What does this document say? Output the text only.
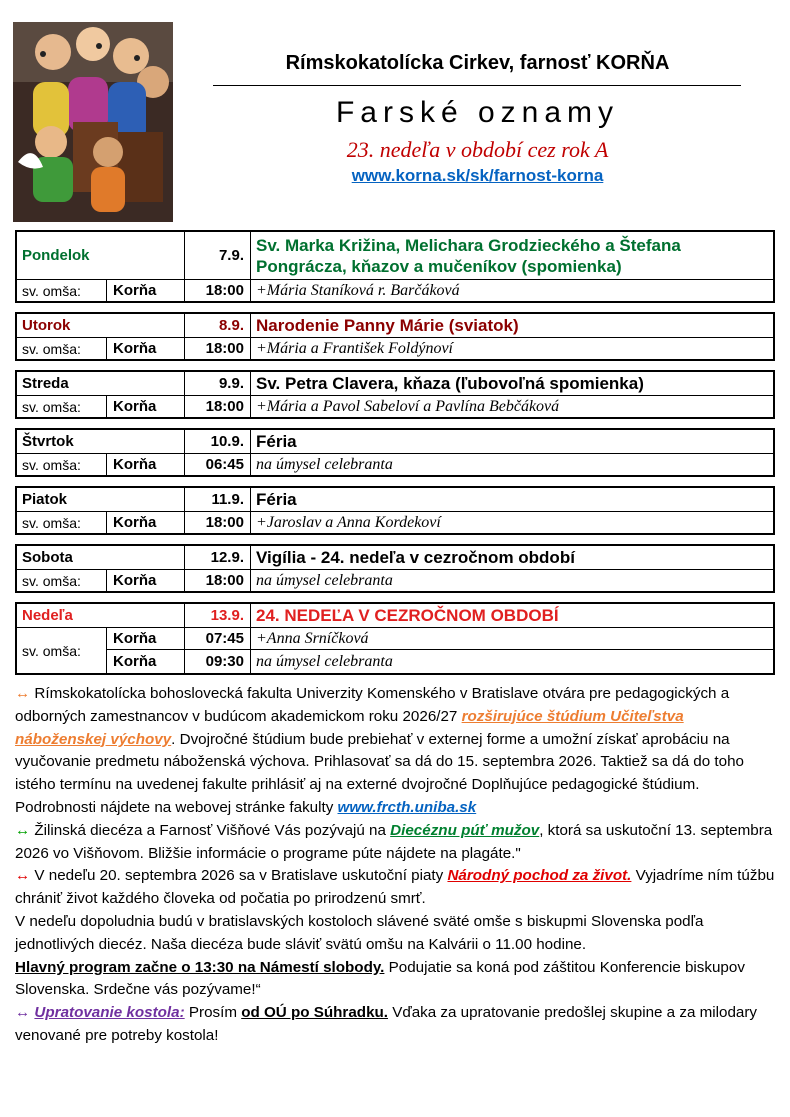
Rímskokatolícka Cirkev, farnosť KORŇA
Farské oznamy
23. nedeľa v období cez rok A
www.korna.sk/sk/farnost-korna
Pondelok	7.9.
Sv. Marka Križina, Melichara Grodzieckého a Štefana Pongrácza, kňazov a mučeníkov (spomienka)
sv. omša:	Korňa	18:00 +Mária Staníková r. Barčáková
Utorok	8.9. Narodenie Panny Márie (sviatok)
sv. omša:	Korňa	18:00 +Mária a František Foldýnoví
Streda	9.9. Sv. Petra Clavera, kňaza (ľubovoľná spomienka)
sv. omša:	Korňa	18:00 +Mária a Pavol Sabeloví a Pavlína Bebčáková
Štvrtok	10.9. Féria
sv. omša:	Korňa	06:45 na úmysel celebranta
Piatok	11.9. Féria
sv. omša:	Korňa	18:00 +Jaroslav a Anna Kordekoví
Sobota	12.9. Vigília - 24. nedeľa v cezročnom období
sv. omša:	Korňa	18:00 na úmysel celebranta
Nedeľa	13.9. 24. NEDEĽA V CEZROČNOM OBDOBÍ
sv. omša:
Korňa	07:45 +Anna Srníčková
Korňa	09:30 na úmysel celebranta

↔ Rímskokatolícka bohoslovecká fakulta Univerzity Komenského v Bratislave otvára pre pedagogických a odborných zamestnancov v budúcom akademickom roku 2026/27 rozširujúce štúdium Učiteľstva náboženskej výchovy. Dvojročné štúdium bude prebiehať v externej forme a umožní získať aprobáciu na vyučovanie predmetu náboženská výchova. Prihlasovať sa dá do 15. septembra 2026. Taktiež sa dá do toho istého termínu na uvedenej fakulte prihlásiť aj na externé dvojročné Doplňujúce pedagogické štúdium. Podrobnosti nájdete na webovej stránke fakulty www.frcth.uniba.sk

↔ Žilinská diecéza a Farnosť Višňové Vás pozývajú na Diecéznu púť mužov, ktorá sa uskutoční 13. septembra 2026 vo Višňovom. Bližšie informácie o programe púte nájdete na plagáte."

↔ V nedeľu 20. septembra 2026 sa v Bratislave uskutoční piaty Národný pochod za život. Vyjadríme ním túžbu chrániť život každého človeka od počatia po prirodzenú smrť.

V nedeľu dopoludnia budú v bratislavských kostoloch slávené sväté omše s biskupmi Slovenska podľa jednotlivých diecéz. Naša diecéza bude sláviť svätú omšu na Kalvárii o 11.00 hodine.

Hlavný program začne o 13:30 na Námestí slobody. Podujatie sa koná pod záštitou Konferencie biskupov Slovenska. Srdečne vás pozývame!“

↔ Upratovanie kostola: Prosím od OÚ po Súhradku. Vďaka za upratovanie predošlej skupine a za milodary venované pre potreby kostola!
